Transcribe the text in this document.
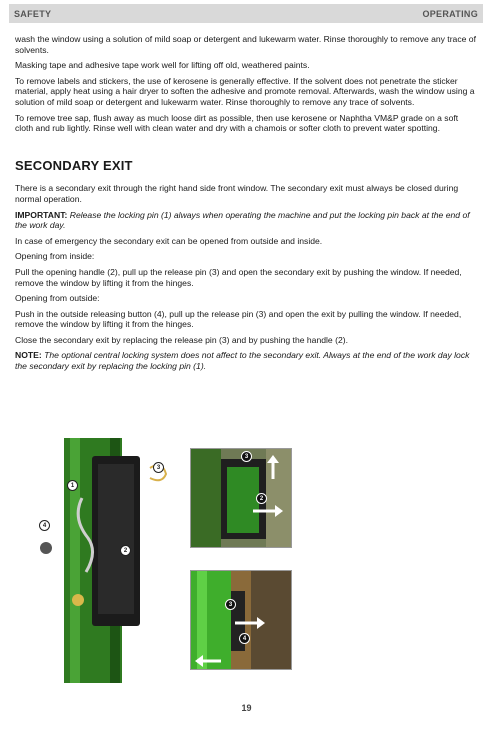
SAFETY	OPERATING

wash the window using a solution of mild soap or detergent and lukewarm water. Rinse thoroughly to remove any trace of solvents.

Masking tape and adhesive tape work well for lifting off old, weathered paints.

To remove labels and stickers, the use of kerosene is generally effective. If the solvent does not penetrate the sticker material, apply heat using a hair dryer to soften the adhesive and promote removal. Afterwards, wash the window using a solution of mild soap or detergent and lukewarm water. Rinse thoroughly to remove any trace of solvents.

To remove tree sap, flush away as much loose dirt as possible, then use kerosene or Naphtha VM&P grade on a soft cloth and rub lightly. Rinse well with clean water and dry with a chamois or softer cloth to prevent water spotting.

SECONDARY EXIT

There is a secondary exit through the right hand side front window. The secondary exit must always be closed during normal operation.

IMPORTANT: Release the locking pin (1) always when operating the machine and put the locking pin back at the end of the work day.

In case of emergency the secondary exit can be opened from outside and inside.

Opening from inside:

Pull the opening handle (2), pull up the release pin (3) and open the secondary exit by pushing the window. If needed, remove the window by lifting it from the hinges.

Opening from outside:

Push in the outside releasing button (4), pull up the release pin (3) and open the exit by pulling the window. If needed, remove the window by lifting it from the hinges.

Close the secondary exit by replacing the release pin (3) and by pushing the handle (2).

NOTE: The optional central locking system does not affect to the secondary exit. Always at the end of the work day lock the secondary exit by replacing the locking pin (1).

1
2
3
4
3
2
3
4
19
